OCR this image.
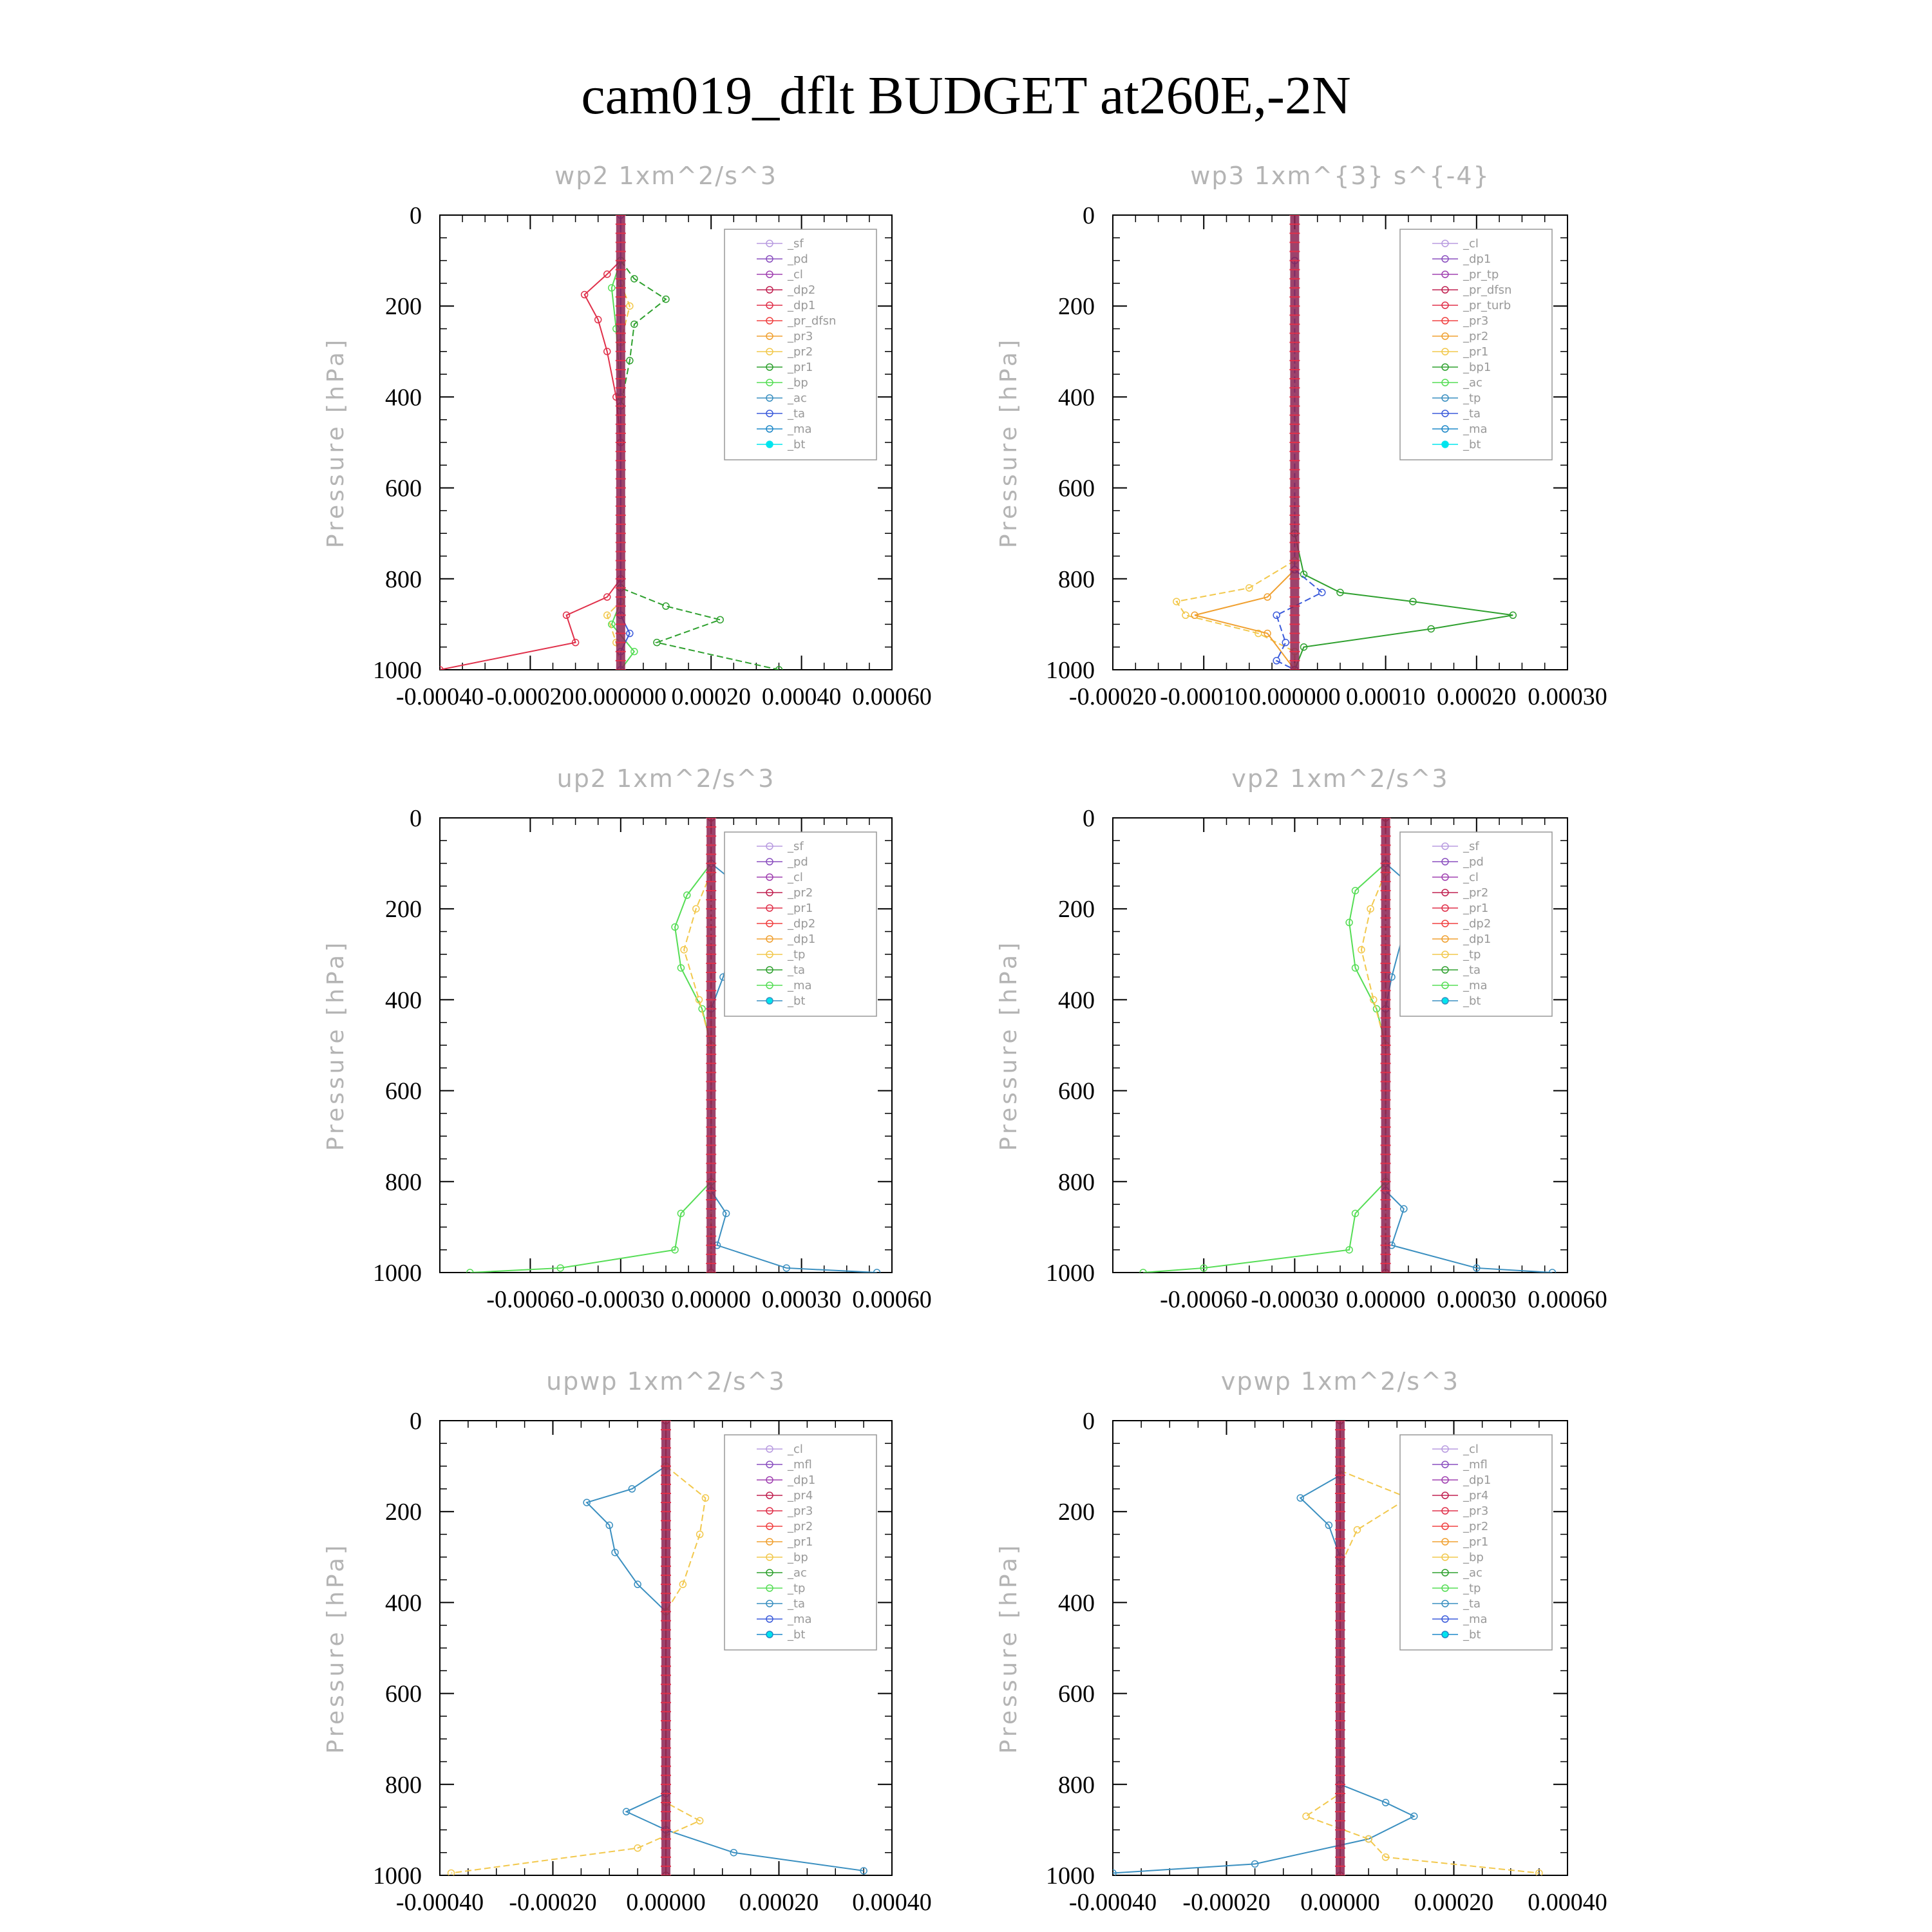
cam019_dflt BUDGET at260E,-2N
wp2 1xm^2/s^3
Pressure [hPa]
0
200
400
600
800
1000
-0.00040 -0.00020 0.000000 0.00020 0.00040 0.00060
_sf
_pd
_cl
_dp2
_dp1
_pr_dfsn
_pr3
_pr2
_pr1
_bp
_ac
_ta
_ma
_bt
wp3 1xm^{3} s^{-4}
Pressure [hPa]
0
200
400
600
800
1000
-0.00020 -0.00010 0.000000 0.00010 0.00020 0.00030
_cl
_dp1
_pr_tp
_pr_dfsn
_pr_turb
_pr3
_pr2
_pr1
_bp1
_ac
_tp
_ta
_ma
_bt
up2 1xm^2/s^3
Pressure [hPa]
0
200
400
600
800
1000
-0.00060 -0.00030 0.00000 0.00030 0.00060
_sf
_pd
_cl
_pr2
_pr1
_dp2
_dp1
_tp
_ta
_ma
_bt
vp2 1xm^2/s^3
Pressure [hPa]
0
200
400
600
800
1000
-0.00060 -0.00030 0.00000 0.00030 0.00060
_sf
_pd
_cl
_pr2
_pr1
_dp2
_dp1
_tp
_ta
_ma
_bt
upwp 1xm^2/s^3
Pressure [hPa]
0
200
400
600
800
1000
-0.00040 -0.00020 0.00000 0.00020 0.00040
_cl
_mfl
_dp1
_pr4
_pr3
_pr2
_pr1
_bp
_ac
_tp
_ta
_ma
_bt
vpwp 1xm^2/s^3
Pressure [hPa]
0
200
400
600
800
1000
-0.00040 -0.00020 0.00000 0.00020 0.00040
_cl
_mfl
_dp1
_pr4
_pr3
_pr2
_pr1
_bp
_ac
_tp
_ta
_ma
_bt
